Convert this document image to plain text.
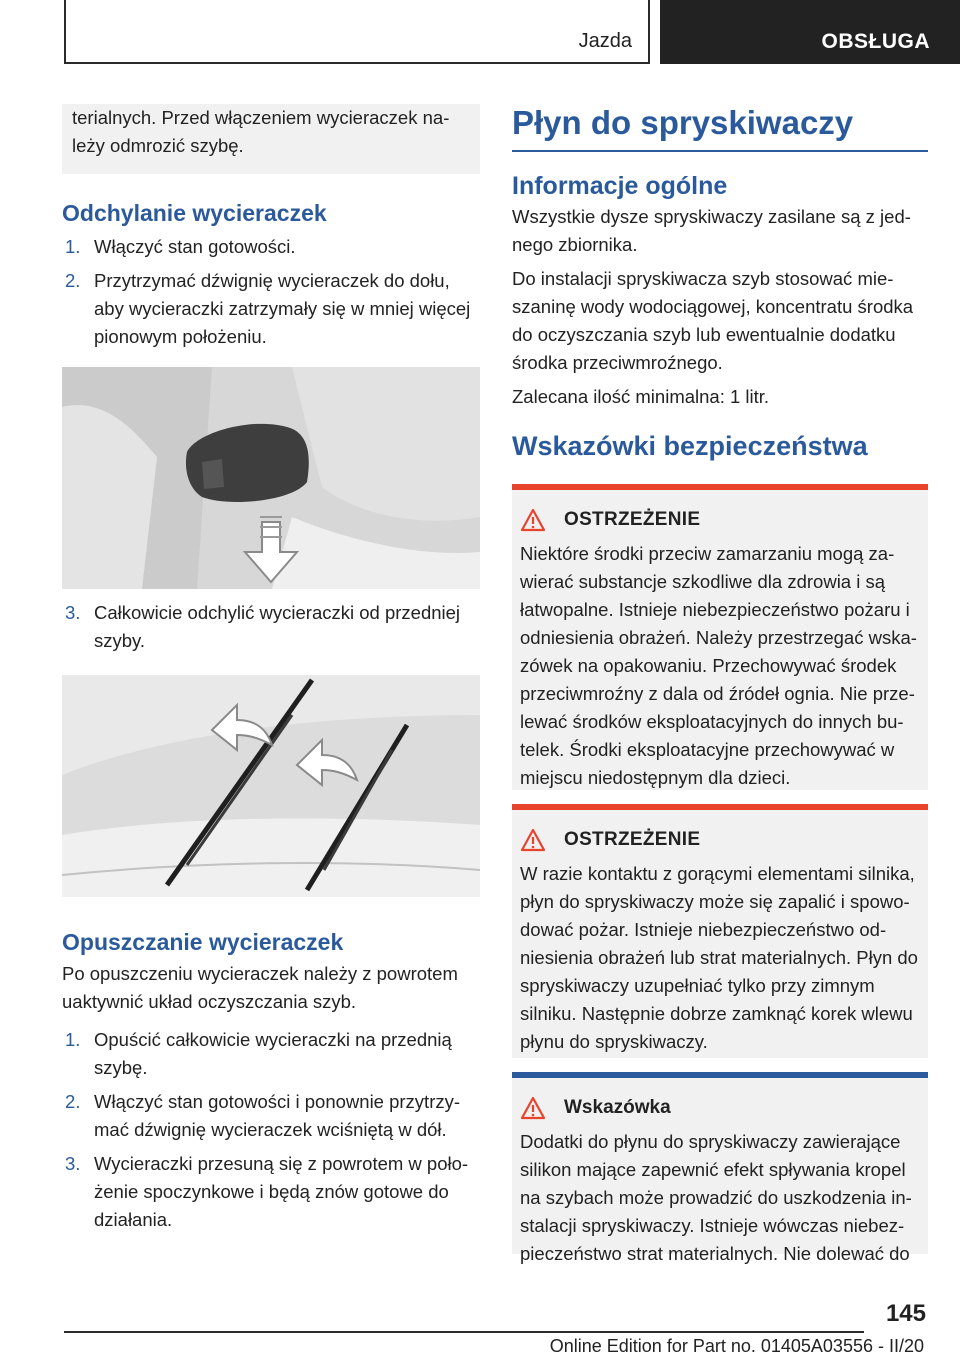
Jazda	OBSŁUGA

terialnych. Przed włączeniem wycieraczek należy odmrozić szybę.

Odchylanie wycieraczek
1. Włączyć stan gotowości.
2. Przytrzymać dźwignię wycieraczek do dołu, aby wycieraczki zatrzymały się w mniej więcej pionowym położeniu.
3. Całkowicie odchylić wycieraczki od przedniej szyby.
Opuszczanie wycieraczek

Po opuszczeniu wycieraczek należy z powrotem uaktywnić układ oczyszczania szyb.

1. Opuścić całkowicie wycieraczki na przednią szybę.
2. Włączyć stan gotowości i ponownie przytrzymać dźwignię wycieraczek wciśniętą w dół.
3. Wycieraczki przesuną się z powrotem w położenie spoczynkowe i będą znów gotowe do działania.
Płyn do spryskiwaczy
Informacje ogólne

Wszystkie dysze spryskiwaczy zasilane są z jednego zbiornika.

Do instalacji spryskiwacza szyb stosować mieszaninę wody wodociągowej, koncentratu środka do oczyszczania szyb lub ewentualnie dodatku środka przeciwmroźnego.

Zalecana ilość minimalna: 1 litr.

Wskazówki bezpieczeństwa
OSTRZEŻENIE

Niektóre środki przeciw zamarzaniu mogą zawierać substancje szkodliwe dla zdrowia i są łatwopalne. Istnieje niebezpieczeństwo pożaru i odniesienia obrażeń. Należy przestrzegać wskazówek na opakowaniu. Przechowywać środek przeciwmroźny z dala od źródeł ognia. Nie przelewać środków eksploatacyjnych do innych butelek. Środki eksploatacyjne przechowywać w miejscu niedostępnym dla dzieci.

OSTRZEŻENIE

W razie kontaktu z gorącymi elementami silnika, płyn do spryskiwaczy może się zapalić i spowodować pożar. Istnieje niebezpieczeństwo odniesienia obrażeń lub strat materialnych. Płyn do spryskiwaczy uzupełniać tylko przy zimnym silniku. Następnie dobrze zamknąć korek wlewu płynu do spryskiwaczy.

Wskazówka

Dodatki do płynu do spryskiwaczy zawierające silikon mające zapewnić efekt spływania kropel na szybach może prowadzić do uszkodzenia instalacji spryskiwaczy. Istnieje wówczas niebezpieczeństwo strat materialnych. Nie dolewać do

145
Online Edition for Part no. 01405A03556 - II/20
